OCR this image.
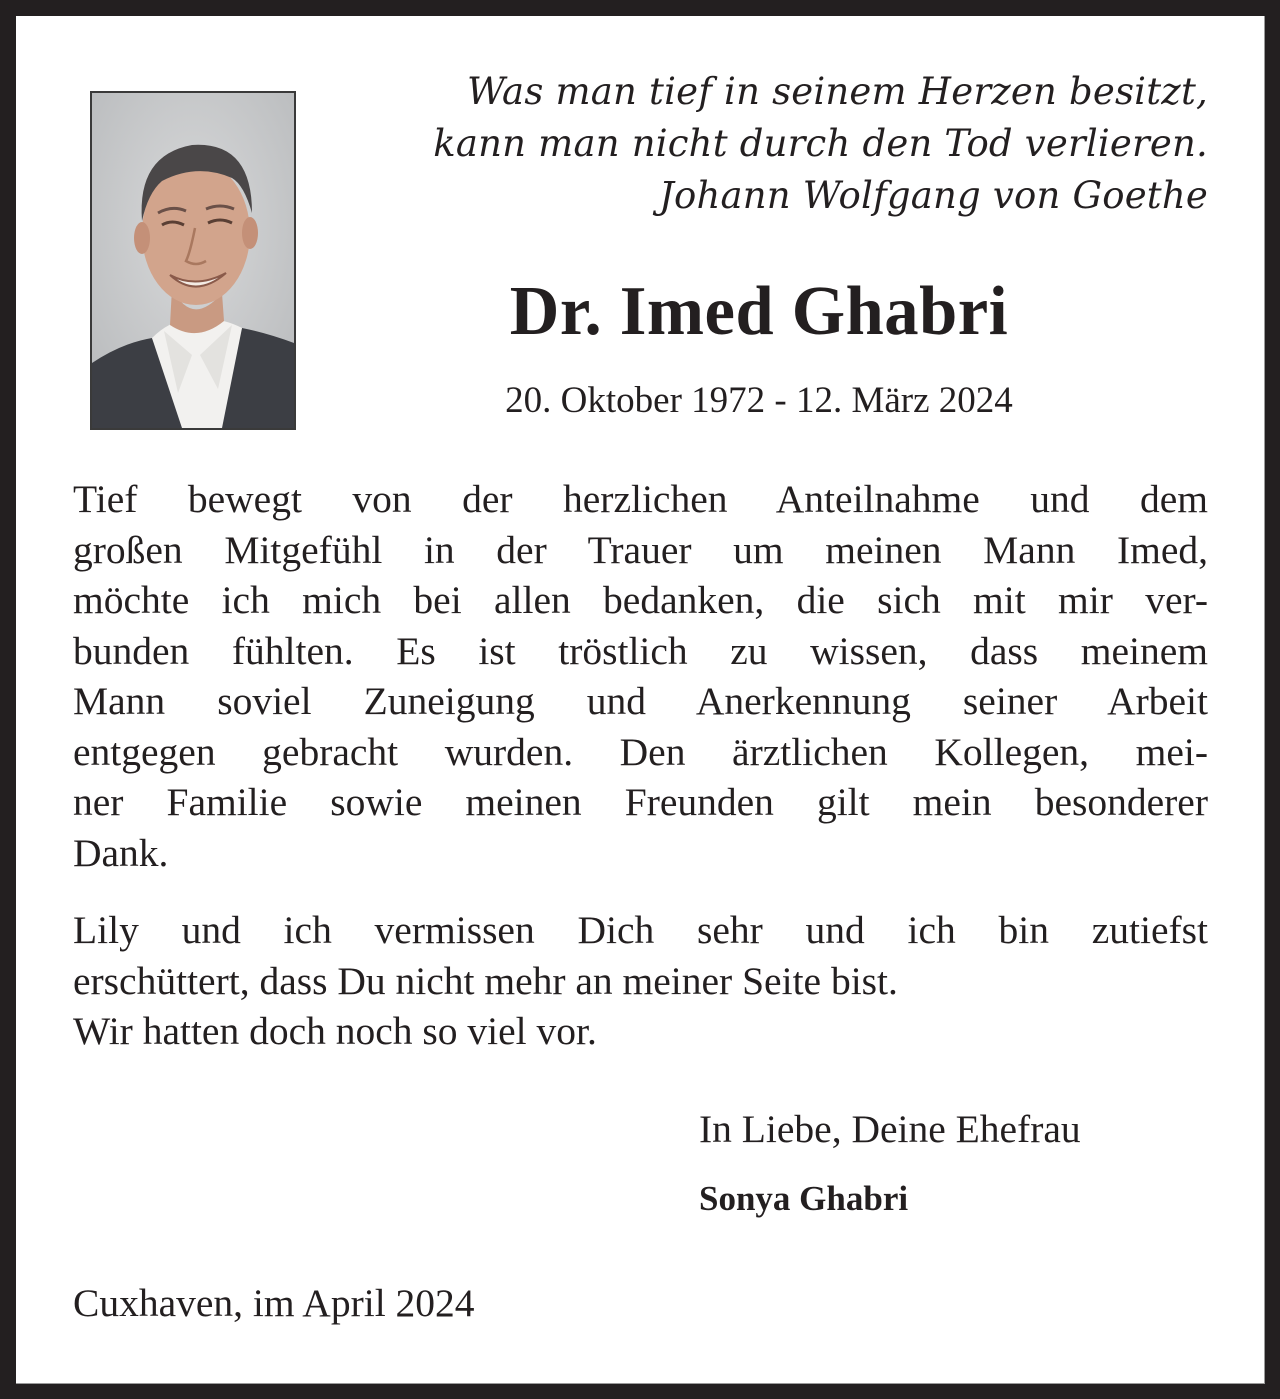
Was man tief in seinem Herzen besitzt,
kann man nicht durch den Tod verlieren.
Johann Wolfgang von Goethe
Dr. Imed Ghabri
20. Oktober 1972 - 12. März 2024
Tief bewegt von der herzlichen Anteilnahme und dem
großen Mitgefühl in der Trauer um meinen Mann Imed,
möchte ich mich bei allen bedanken, die sich mit mir ver-
bunden fühlten. Es ist tröstlich zu wissen, dass meinem
Mann soviel Zuneigung und Anerkennung seiner Arbeit
entgegen gebracht wurden. Den ärztlichen Kollegen, mei-
ner Familie sowie meinen Freunden gilt mein besonderer
Dank.
Lily und ich vermissen Dich sehr und ich bin zutiefst
erschüttert, dass Du nicht mehr an meiner Seite bist.
Wir hatten doch noch so viel vor.
In Liebe, Deine Ehefrau
Sonya Ghabri
Cuxhaven, im April 2024
